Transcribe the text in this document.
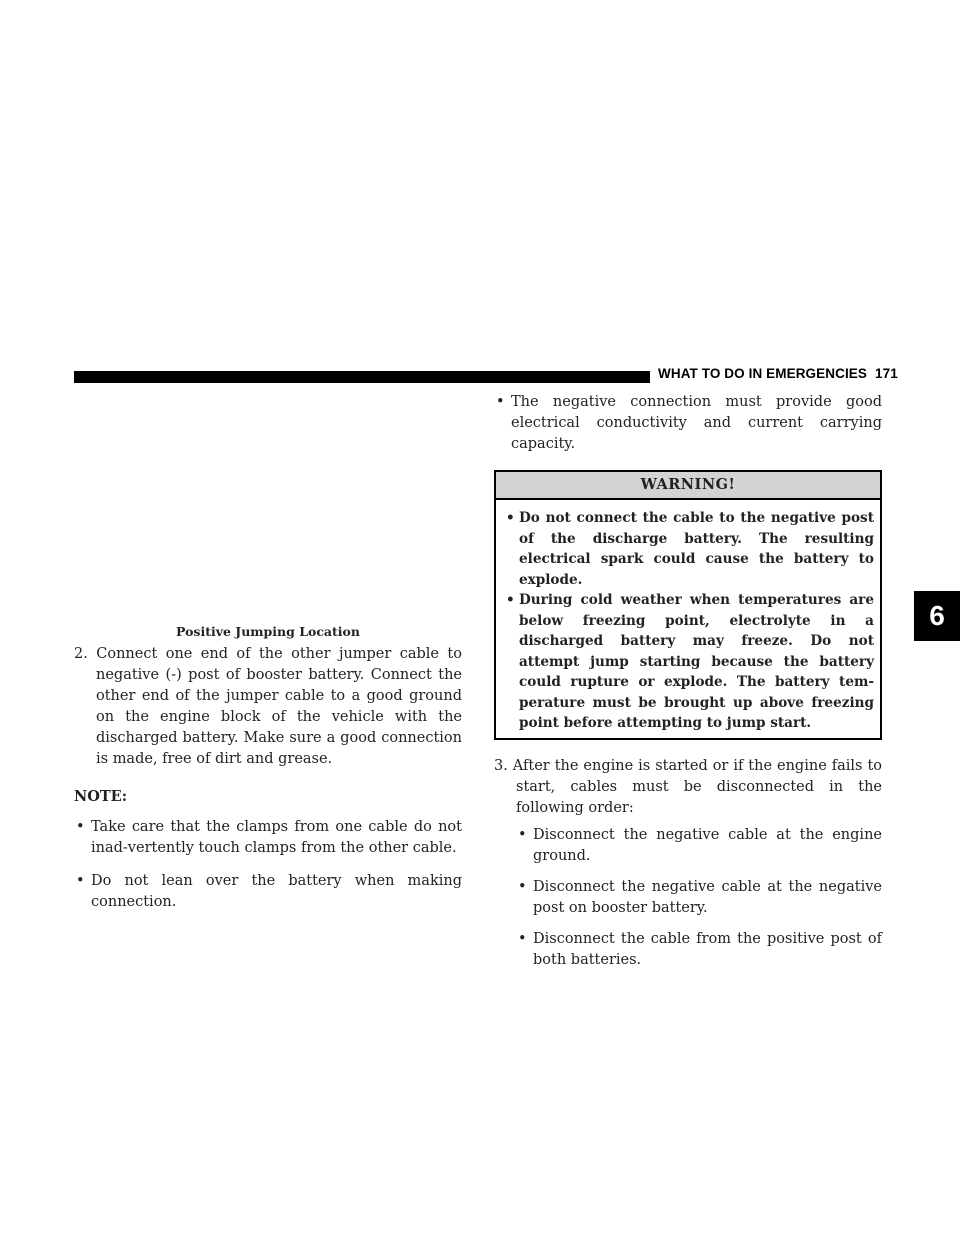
WHAT TO DO IN EMERGENCIES 171
6

Positive Jumping Location

2. Connect one end of the other jumper cable to negative (-) post of booster battery. Connect the other end of the jumper cable to a good ground on the engine block of the vehicle with the discharged battery. Make sure a good connection is made, free of dirt and grease.

NOTE:

• Take care that the clamps from one cable do not inad-vertently touch clamps from the other cable.
• Do not lean over the battery when making connection.
• The negative connection must provide good electrical conductivity and current carrying capacity.
WARNING!
• Do not connect the cable to the negative post of the discharge battery. The resulting electrical spark could cause the battery to explode.
• During cold weather when temperatures are below freezing point, electrolyte in a discharged battery may freeze. Do not attempt jump starting because the battery could rupture or explode. The battery tem-perature must be brought up above freezing point before attempting to jump start.

3. After the engine is started or if the engine fails to start, cables must be disconnected in the following order:

• Disconnect the negative cable at the engine ground.
• Disconnect the negative cable at the negative post on booster battery.
• Disconnect the cable from the positive post of both batteries.
